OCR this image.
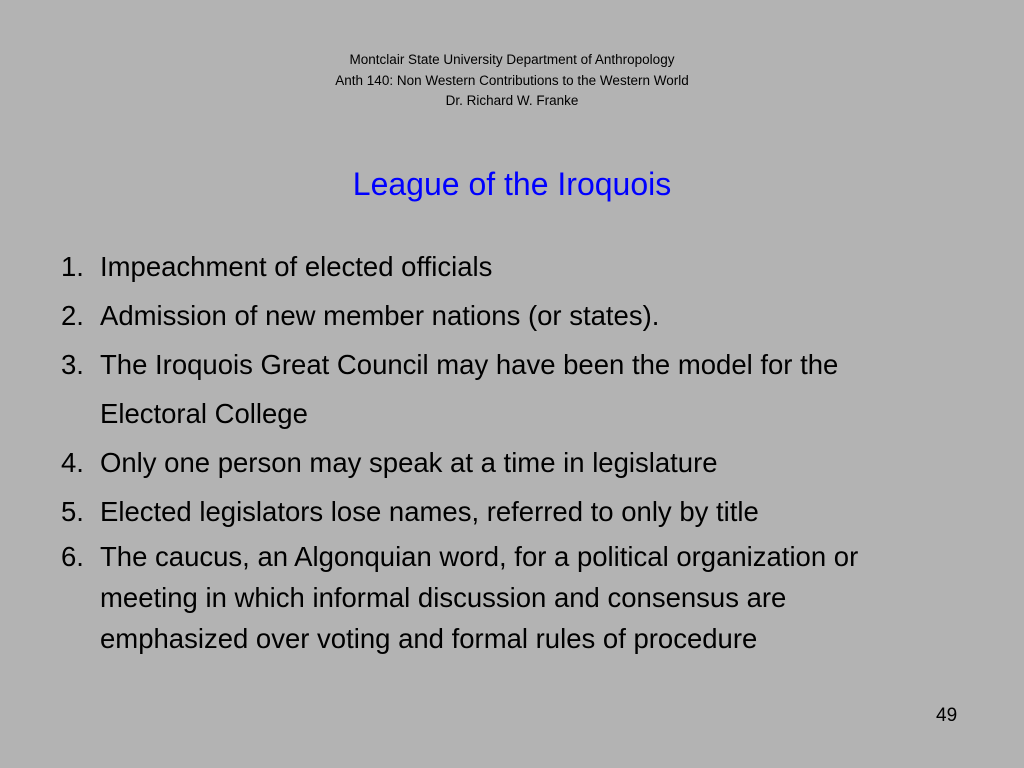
Montclair State University Department of Anthropology
Anth 140: Non Western Contributions to the Western World
Dr. Richard W. Franke
League of the Iroquois
1. Impeachment of elected officials
2. Admission of new member nations (or states).
3. The Iroquois Great Council may have been the model for the Electoral College
4. Only one person may speak at a time in legislature
5. Elected legislators lose names, referred to only by title
6. The caucus, an Algonquian word, for a political organization or meeting in which informal discussion and consensus are emphasized over voting and formal rules of procedure
49
